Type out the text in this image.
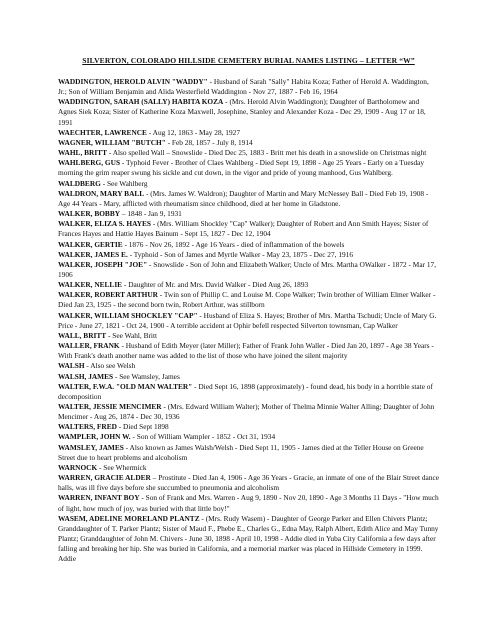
SILVERTON, COLORADO HILLSIDE CEMETERY BURIAL NAMES LISTING – LETTER “W”

WADDINGTON, HEROLD ALVIN "WADDY" - Husband of Sarah "Sally" Habita Koza; Father of Herold A. Waddington, Jr.; Son of William Benjamin and Alida Westerfield Waddington - Nov 27, 1887 - Feb 16, 1964

WADDINGTON, SARAH (SALLY) HABITA KOZA - (Mrs. Herold Alvin Waddington); Daughter of Bartholomew and Agnes Siek Koza; Sister of Katherine Koza Maxwell, Josephine, Stanley and Alexander Koza - Dec 29, 1909 - Aug 17 or 18, 1991

WAECHTER, LAWRENCE - Aug 12, 1863 - May 28, 1927

WAGNER, WILLIAM "BUTCH" - Feb 28, 1857 - July 8, 1914

WAHL, BRITT - Also spelled Wall – Snowslide - Died Dec 25, 1883 - Britt met his death in a snowslide on Christmas night

WAHLBERG, GUS - Typhoid Fever - Brother of Claes Wahlberg - Died Sept 19, 1898 - Age 25 Years - Early on a Tuesday morning the grim reaper swung his sickle and cut down, in the vigor and pride of young manhood, Gus Wahlberg.

WALDBERG - See Wahlberg

WALDRON, MARY BALL - (Mrs. James W. Waldron); Daughter of Martin and Mary McNessey Ball - Died Feb 19, 1908 - Age 44 Years - Mary, afflicted with rheumatism since childhood, died at her home in Gladstone.

WALKER, BOBBY – 1848 - Jan 9, 1931

WALKER, ELIZA S. HAYES - (Mrs. William Shockley "Cap" Walker); Daughter of Robert and Ann Smith Hayes; Sister of Frances Hayes and Hattie Hayes Bainum - Sept 15, 1827 - Dec 12, 1904

WALKER, GERTIE - 1876 - Nov 26, 1892 - Age 16 Years - died of inflammation of the bowels

WALKER, JAMES E. - Typhoid - Son of James and Myrtle Walker - May 23, 1875 - Dec 27, 1916

WALKER, JOSEPH "JOE" - Snowslide - Son of John and Elizabeth Walker; Uncle of Mrs. Martha OWalker - 1872 - Mar 17, 1906

WALKER, NELLIE - Daughter of Mr. and Mrs. David Walker - Died Aug 26, 1893

WALKER, ROBERT ARTHUR - Twin son of Phillip C. and Louise M. Cope Walker; Twin brother of William Elmer Walker - Died Jan 23, 1925 - the second born twin, Robert Arthur, was stillborn

WALKER, WILLIAM SHOCKLEY "CAP" - Husband of Eliza S. Hayes; Brother of Mrs. Martha Tschudi; Uncle of Mary G. Price - June 27, 1821 - Oct 24, 1900 - A terrible accident at Ophir befell respected Silverton townsman, Cap Walker

WALL, BRITT - See Wahl, Britt

WALLER, FRANK - Husband of Edith Meyer (later Miller); Father of Frank John Waller - Died Jan 20, 1897 - Age 38 Years - With Frank's death another name was added to the list of those who have joined the silent majority

WALSH - Also see Welsh

WALSH, JAMES - See Wamsley, James

WALTER, F.W.A. "OLD MAN WALTER" - Died Sept 16, 1898 (approximately) - found dead, his body in a horrible state of decomposition

WALTER, JESSIE MENCIMER - (Mrs. Edward William Walter); Mother of Thelma Minnie Walter Alling; Daughter of John Mencimer - Aug 26, 1874 - Dec 30, 1936

WALTERS, FRED - Died Sept 1898

WAMPLER, JOHN W. - Son of William Wampler - 1852 - Oct 31, 1934

WAMSLEY, JAMES - Also known as James Walsh/Welsh - Died Sept 11, 1905 - James died at the Teller House on Greene Street due to heart problems and alcoholism

WARNOCK - See Whermick

WARREN, GRACIE ALDER – Prostitute - Died Jan 4, 1906 - Age 36 Years - Gracie, an inmate of one of the Blair Street dance halls, was ill five days before she succumbed to pneumonia and alcoholism

WARREN, INFANT BOY - Son of Frank and Mrs. Warren - Aug 9, 1890 - Nov 20, 1890 - Age 3 Months 11 Days - "How much of light, how much of joy, was buried with that little boy!"

WASEM, ADELINE MORELAND PLANTZ - (Mrs. Rudy Wasem) - Daughter of George Parker and Ellen Chivers Plantz; Granddaughter of T. Parker Plantz; Sister of Maud F., Phebe E., Charles G., Edna May, Ralph Albert, Edith Alice and May Tunny Plantz; Granddaughter of John M. Chivers - June 30, 1898 - April 10, 1998 - Addie died in Yuba City California a few days after falling and breaking her hip. She was buried in California, and a memorial marker was placed in Hillside Cemetery in 1999. Addie
